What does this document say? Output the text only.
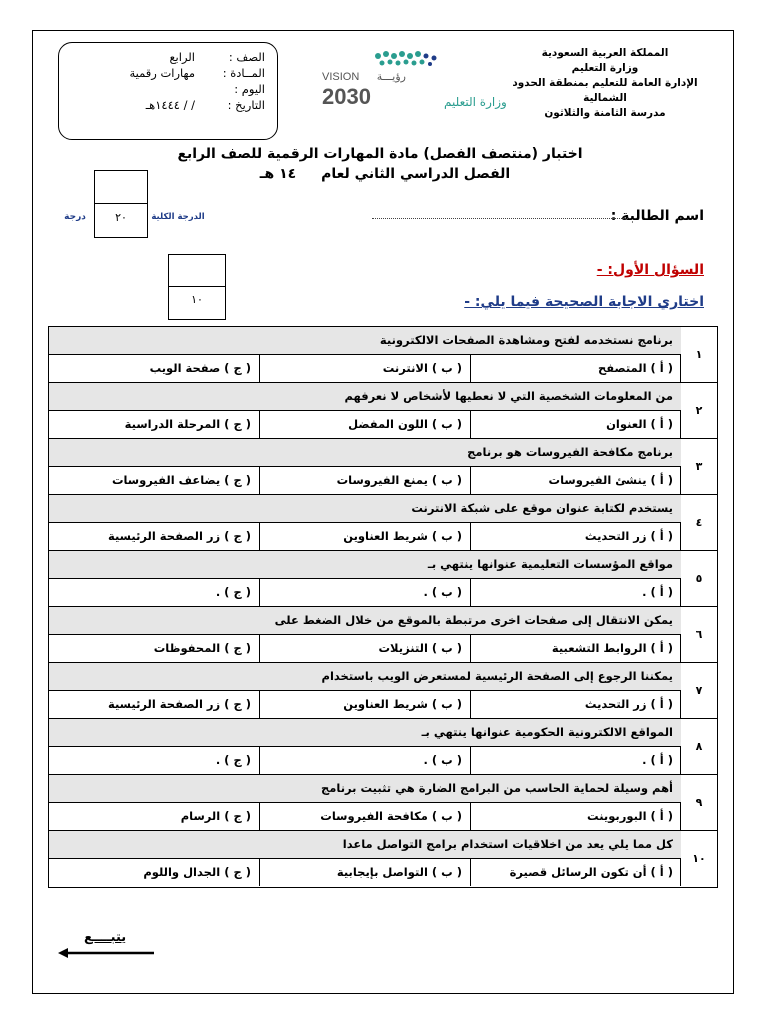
المملكة العربية السعودية
وزارة التعليم
الإدارة العامة للتعليم بمنطقة الحدود الشمالية
مدرسة الثامنة والثلاثون
VISION رؤيـــة
2030	وزارة التعليم
الصف :
الرابع
المــادة :
مهارات رقمية
اليوم :
التاريخ :
/ / ١٤٤٤هـ
اختبار (منتصف الفصل) مادة المهارات الرقمية للصف الرابع
الفصل الدراسي الثاني لعام ١٤ هـ
٢٠	الدرجة الكلية
درجة	اسم الطالبة :
١٠
السؤال الأول: -
اختاري الاجابة الصحيحة فيما يلي: -
١
برنامج نستخدمه لفتح ومشاهدة الصفحات الالكترونية
( أ ) المتصفح
( ب ) الانترنت
( ج ) صفحة الويب
٢
من المعلومات الشخصية التي لا نعطيها لأشخاص لا نعرفهم
( أ ) العنوان
( ب ) اللون المفضل
( ج ) المرحلة الدراسية
٣
برنامج مكافحة الفيروسات هو برنامج
( أ ) ينشئ الفيروسات
( ب ) يمنع الفيروسات
( ج ) يضاعف الفيروسات
٤
يستخدم لكتابة عنوان موقع على شبكة الانترنت
( أ ) زر التحديث
( ب ) شريط العناوين
( ج ) زر الصفحة الرئيسية
٥
مواقع المؤسسات التعليمية عنوانها ينتهي بـ
( أ ) .
( ب ) .
( ج ) .
٦
يمكن الانتقال إلى صفحات اخرى مرتبطة بالموقع من خلال الضغط على
( أ ) الروابط التشعبية
( ب ) التنزيلات
( ج ) المحفوظات
٧
يمكننا الرجوع إلى الصفحة الرئيسية لمستعرض الويب باستخدام
( أ ) زر التحديث
( ب ) شريط العناوين
( ج ) زر الصفحة الرئيسية
٨
المواقع الالكترونية الحكومية عنوانها ينتهي بـ
( أ ) .
( ب ) .
( ج ) .
٩
أهم وسيلة لحماية الحاسب من البرامج الضارة هي تثبيت برنامج
( أ ) البوربوينت
( ب ) مكافحة الفيروسات
( ج ) الرسام
١٠
كل مما يلي يعد من اخلاقيات استخدام برامج التواصل ماعدا
( أ ) أن تكون الرسائل قصيرة
( ب ) التواصل بإيجابية
( ج ) الجدال واللوم
يتبــــع
